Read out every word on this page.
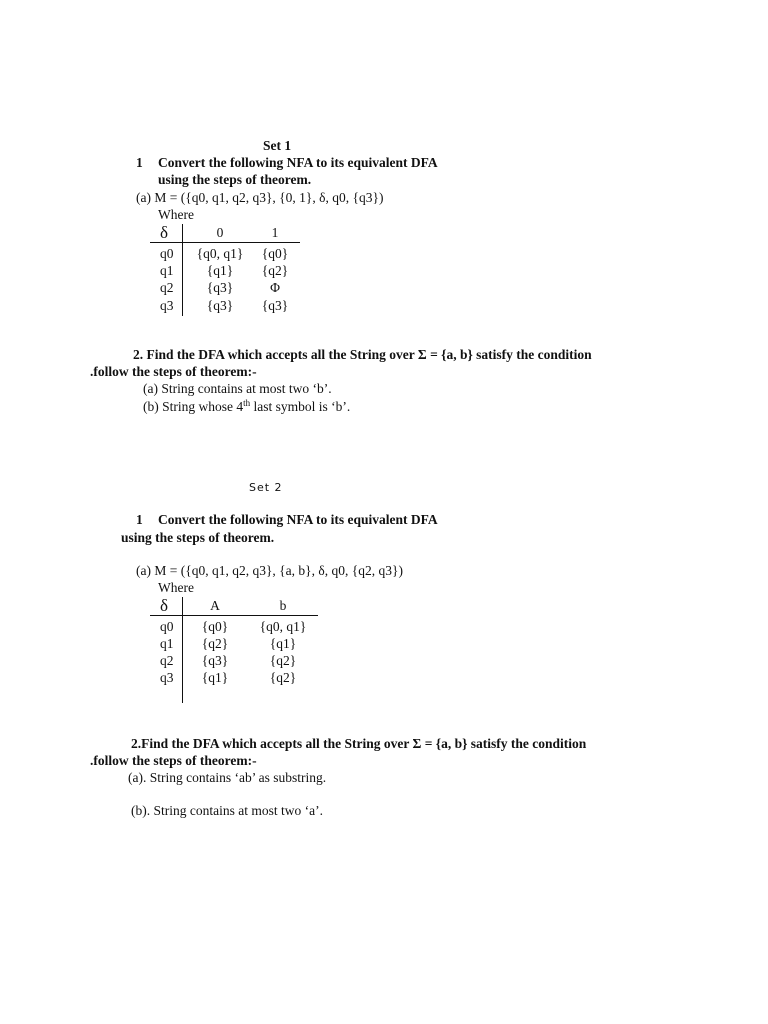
Set 1
1 Convert the following NFA to its equivalent DFA
using the steps of theorem.
(a) M = ({q0, q1, q2, q3}, {0, 1}, δ, q0, {q3})
Where
δ	0	1
q0	{q0, q1}	{q0}
q1	{q1}	{q2}
q2	{q3}	Φ
q3	{q3}	{q3}
2. Find the DFA which accepts all the String over Σ = {a, b} satisfy the condition
.follow the steps of theorem:-
(a) String contains at most two ‘b’.
(b) String whose 4th last symbol is ‘b’.
Set 2
1 Convert the following NFA to its equivalent DFA
using the steps of theorem.
(a) M = ({q0, q1, q2, q3}, {a, b}, δ, q0, {q2, q3})
Where
δ	A	b
q0	{q0}	{q0, q1}
q1	{q2}	{q1}
q2	{q3}	{q2}
q3	{q1}	{q2}
2.Find the DFA which accepts all the String over Σ = {a, b} satisfy the condition
.follow the steps of theorem:-
(a). String contains ‘ab’ as substring.
(b). String contains at most two ‘a’.
